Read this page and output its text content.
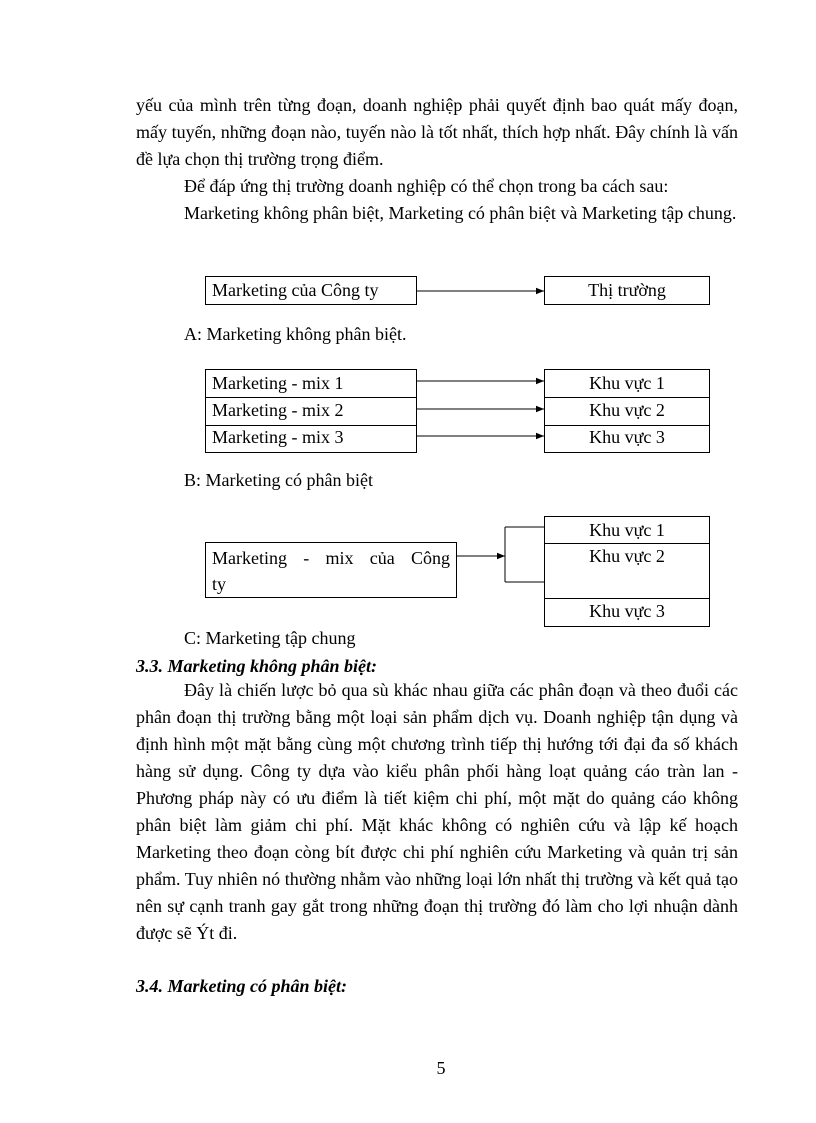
yếu của mình trên từng đoạn, doanh nghiệp phải quyết định bao quát mấy đoạn, mấy tuyến, những đoạn nào, tuyến nào là tốt nhất, thích hợp nhất. Đây chính là vấn đề lựa chọn thị trường trọng điểm.
Để đáp ứng thị trường doanh nghiệp có thể chọn trong ba cách sau:
Marketing không phân biệt, Marketing có phân biệt và Marketing tập chung.
Marketing của Công ty	Thị trường
A: Marketing không phân biệt.
Marketing - mix 1
Marketing - mix 2
Marketing - mix 3
Khu vực 1
Khu vực 2
Khu vực 3
B: Marketing có phân biệt
Marketing - mix của Công
ty
Khu vực 1
Khu vực 2
Khu vực 3
C: Marketing tập chung
3.3. Marketing không phân biệt:
Đây là chiến lược bỏ qua sù khác nhau giữa các phân đoạn và theo đuổi các phân đoạn thị trường bằng một loại sản phẩm dịch vụ. Doanh nghiệp tận dụng và định hình một mặt bằng cùng một chương trình tiếp thị hướng tới đại đa số khách hàng sử dụng. Công ty dựa vào kiểu phân phối hàng loạt quảng cáo tràn lan - Phương pháp này có ưu điểm là tiết kiệm chi phí, một mặt do quảng cáo không phân biệt làm giảm chi phí. Mặt khác không có nghiên cứu và lập kế hoạch Marketing theo đoạn còng bít được chi phí nghiên cứu Marketing và quản trị sản phẩm. Tuy nhiên nó thường nhằm vào những loại lớn nhất thị trường và kết quả tạo nên sự cạnh tranh gay gắt trong những đoạn thị trường đó làm cho lợi nhuận dành được sẽ Ýt đi.
3.4. Marketing có phân biệt:
5
